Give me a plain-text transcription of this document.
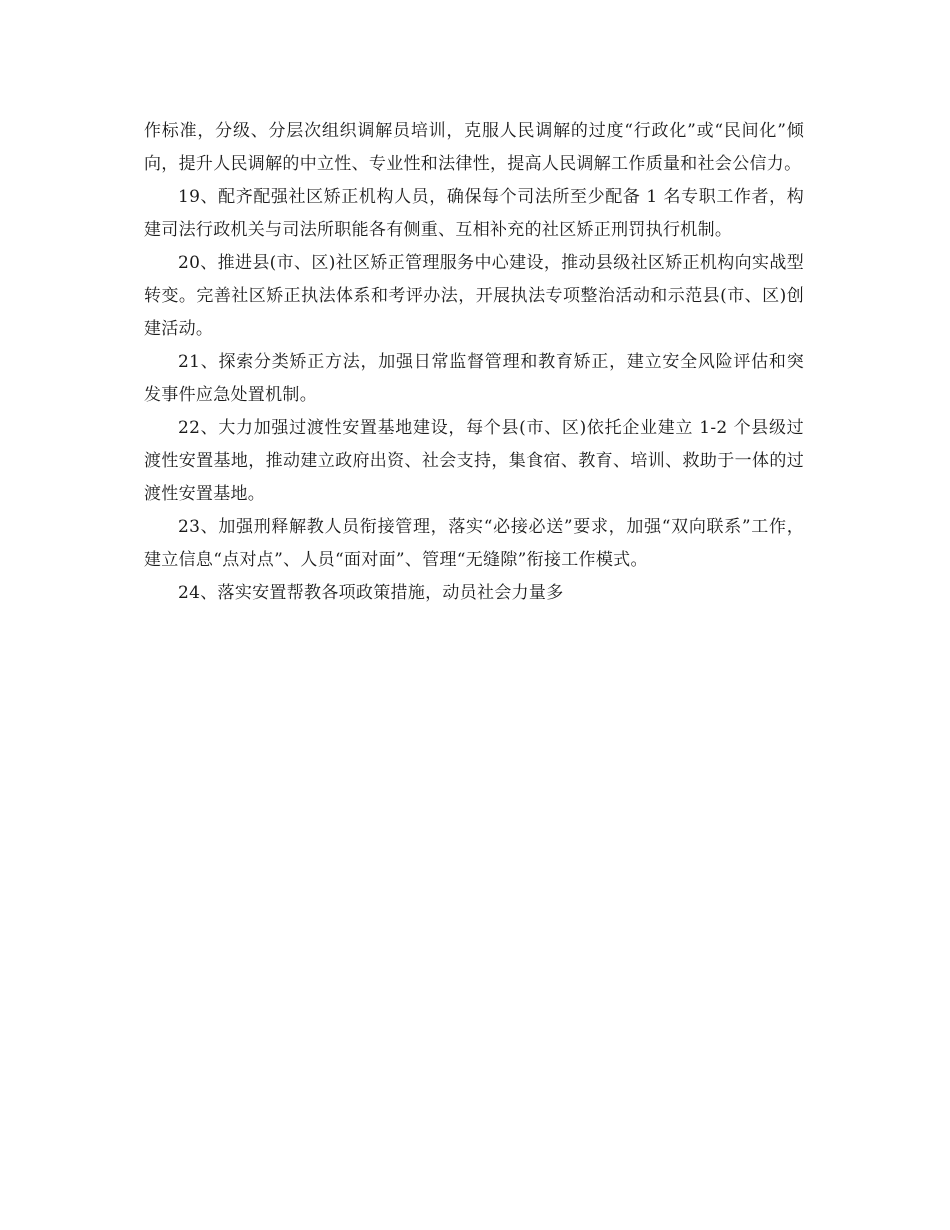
作标准，分级、分层次组织调解员培训，克服人民调解的过度“行政化”或“民间化”倾向，提升人民调解的中立性、专业性和法律性，提高人民调解工作质量和社会公信力。

19、配齐配强社区矫正机构人员，确保每个司法所至少配备 1 名专职工作者，构建司法行政机关与司法所职能各有侧重、互相补充的社区矫正刑罚执行机制。

20、推进县(市、区)社区矫正管理服务中心建设，推动县级社区矫正机构向实战型转变。完善社区矫正执法体系和考评办法，开展执法专项整治活动和示范县(市、区)创建活动。

21、探索分类矫正方法，加强日常监督管理和教育矫正，建立安全风险评估和突发事件应急处置机制。

22、大力加强过渡性安置基地建设，每个县(市、区)依托企业建立 1-2 个县级过渡性安置基地，推动建立政府出资、社会支持，集食宿、教育、培训、救助于一体的过渡性安置基地。

23、加强刑释解教人员衔接管理，落实“必接必送”要求，加强“双向联系”工作，建立信息“点对点”、人员“面对面”、管理“无缝隙”衔接工作模式。

24、落实安置帮教各项政策措施，动员社会力量多
